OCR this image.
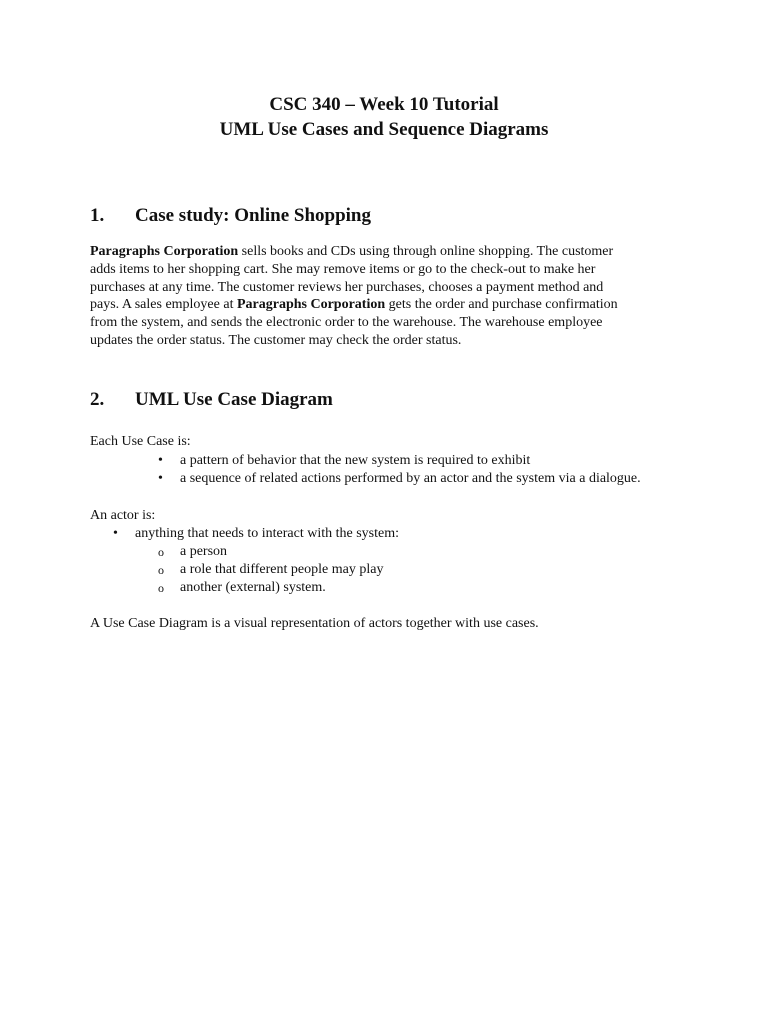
CSC 340 – Week 10 Tutorial
UML Use Cases and Sequence Diagrams
1. Case study: Online Shopping
Paragraphs Corporation sells books and CDs using through online shopping. The customer
adds items to her shopping cart. She may remove items or go to the check-out to make her
purchases at any time. The customer reviews her purchases, chooses a payment method and
pays. A sales employee at Paragraphs Corporation gets the order and purchase confirmation
from the system, and sends the electronic order to the warehouse. The warehouse employee
updates the order status. The customer may check the order status.
2. UML Use Case Diagram
Each Use Case is:
• a pattern of behavior that the new system is required to exhibit
• a sequence of related actions performed by an actor and the system via a dialogue.
An actor is:
• anything that needs to interact with the system:
o a person
o a role that different people may play
o another (external) system.
A Use Case Diagram is a visual representation of actors together with use cases.
